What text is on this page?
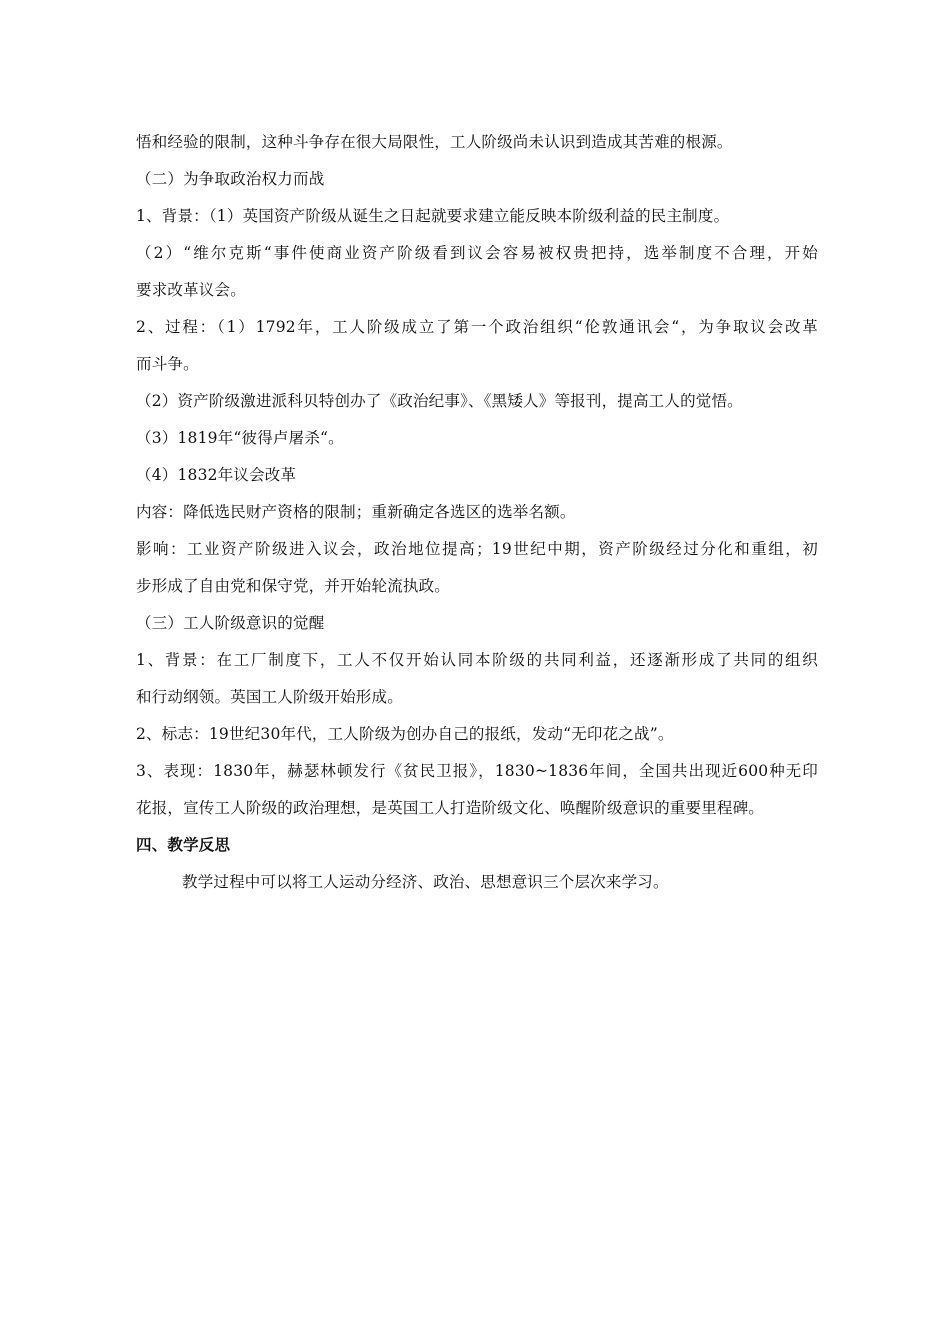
悟和经验的限制，这种斗争存在很大局限性，工人阶级尚未认识到造成其苦难的根源。
（二）为争取政治权力而战
1、背景：（1）英国资产阶级从诞生之日起就要求建立能反映本阶级利益的民主制度。
（2）“维尔克斯“事件使商业资产阶级看到议会容易被权贵把持，选举制度不合理，开始
要求改革议会。
2、过程：（1）1792年，工人阶级成立了第一个政治组织“伦敦通讯会“，为争取议会改革
而斗争。
（2）资产阶级激进派科贝特创办了《政治纪事》、《黑矮人》等报刊，提高工人的觉悟。
（3）1819年“彼得卢屠杀“。
（4）1832年议会改革
内容：降低选民财产资格的限制；重新确定各选区的选举名额。
影响：工业资产阶级进入议会，政治地位提高；19世纪中期，资产阶级经过分化和重组，初
步形成了自由党和保守党，并开始轮流执政。
（三）工人阶级意识的觉醒
1、背景：在工厂制度下，工人不仅开始认同本阶级的共同利益，还逐渐形成了共同的组织
和行动纲领。英国工人阶级开始形成。
2、标志：19世纪30年代，工人阶级为创办自己的报纸，发动“无印花之战”。
3、表现：1830年，赫瑟林顿发行《贫民卫报》，1830~1836年间，全国共出现近600种无印
花报，宣传工人阶级的政治理想，是英国工人打造阶级文化、唤醒阶级意识的重要里程碑。
四、教学反思
教学过程中可以将工人运动分经济、政治、思想意识三个层次来学习。
